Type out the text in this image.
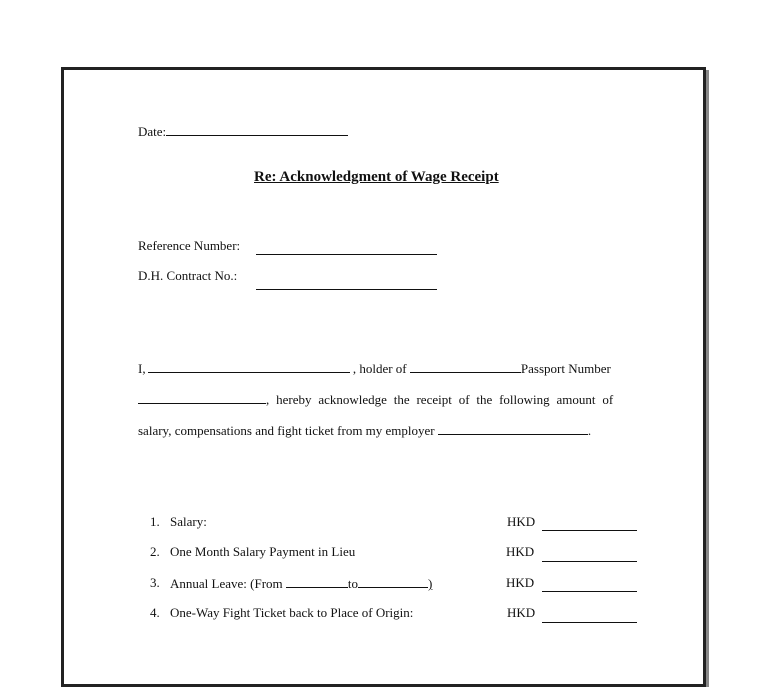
Date:
Re: Acknowledgment of Wage Receipt
Reference Number:
D.H. Contract No.:
I,	, holder of	Passport Number
, hereby acknowledge the receipt of the following amount of
salary, compensations and fight ticket from my employer	.
1. Salary:	HKD
2. One Month Salary Payment in Lieu	HKD
3. Annual Leave: (From	to	)	HKD
4. One-Way Fight Ticket back to Place of Origin:	HKD
